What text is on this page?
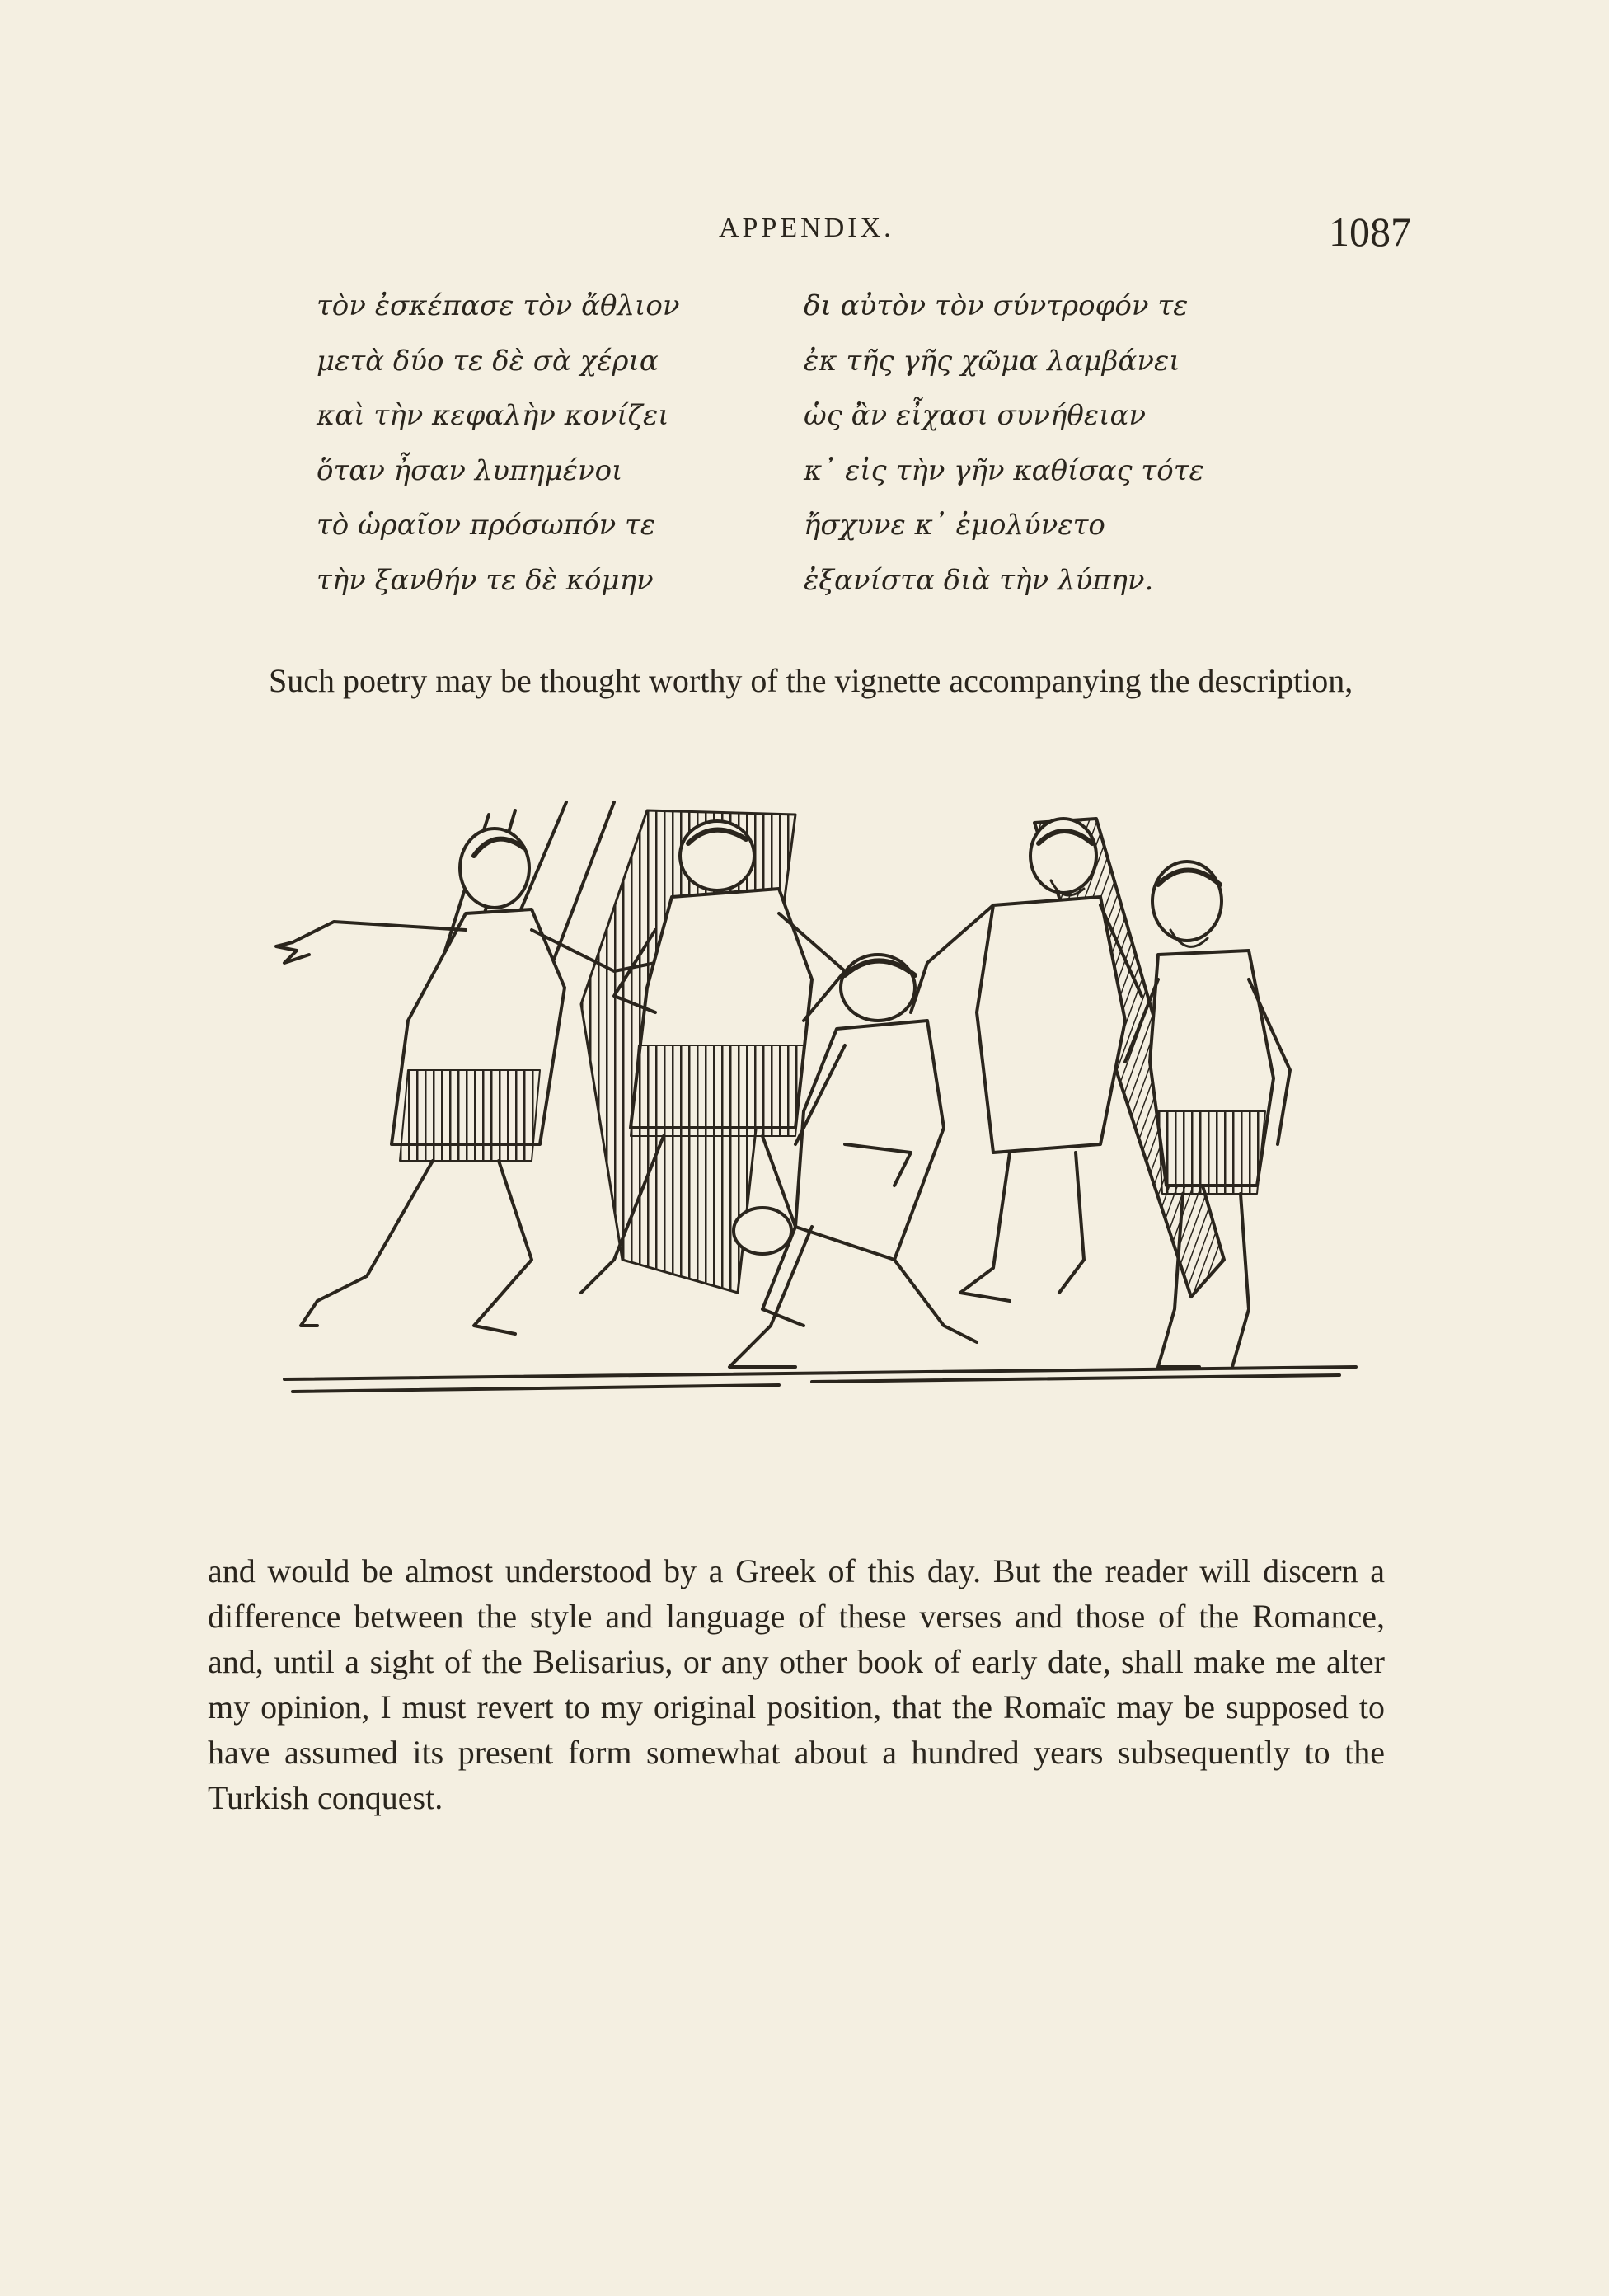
APPENDIX.	1087
τὸν ἐσκέπασε τὸν ἄθλιον
μετὰ δύο τε δὲ σὰ χέρια
καὶ τὴν κεφαλὴν κονίζει
ὅταν ἦσαν λυπημένοι
τὸ ὡραῖον πρόσωπόν τε
τὴν ξανθήν τε δὲ κόμην
δι αὐτὸν τὸν σύντροφόν τε
ἐκ τῆς γῆς χῶμα λαμβάνει
ὡς ἂν εἶχασι συνήθειαν
κ᾽ εἰς τὴν γῆν καθίσας τότε
ἤσχυνε κ᾽ ἐμολύνετο
ἐξανίστα διὰ τὴν λύπην.

Such poetry may be thought worthy of the vignette accompanying the description,

and would be almost understood by a Greek of this day. But the reader will discern a difference between the style and language of these verses and those of the Romance, and, until a sight of the Belisarius, or any other book of early date, shall make me alter my opinion, I must revert to my original position, that the Romaïc may be supposed to have assumed its present form somewhat about a hundred years subsequently to the Turkish conquest.
